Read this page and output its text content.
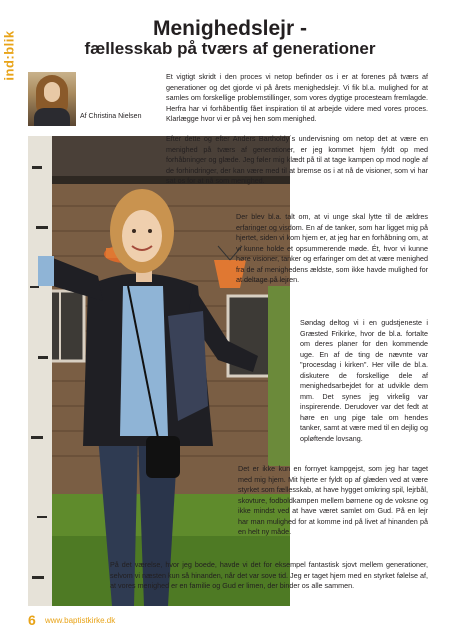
ind:blik
Menighedslejr -
fællesskab på tværs af generationer
Af Christina Nielsen

Et vigtigt skridt i den proces vi netop befinder os i er at forenes på tværs af generationer og det gjorde vi på årets menighedslejr. Vi fik bl.a. mulighed for at samles om forskellige problemstillinger, som vores dygtige procesteam fremlagde. Herfra har vi forhåbentlig fået inspiration til at arbejde videre med vores proces. Klarlægge hvor vi er på vej hen som menighed.

Efter dette og efter Anders Bartholdy´s undervisning om netop det at være en menighed på tværs af generationer, er jeg kommet hjem fyldt op med forhåbninger og glæde. Jeg føler mig klædt på til at tage kampen op mod nogle af de forhindringer, der kan være med til at bremse os i at nå de visioner, som vi har sat os for at nå som menighed.

Der blev bl.a. talt om, at vi unge skal lytte til de ældres erfaringer og visdom. En af de tanker, som har ligget mig på hjertet, siden vi kom hjem er, at jeg har en forhåbning om, at vi kunne holde et opsummerende møde. Ét, hvor vi kunne høre visioner, tanker og erfaringer om det at være menighed fra de af menighedens ældste, som ikke havde mulighed for at deltage på lejren.

Søndag deltog vi i en gudstjeneste i Græsted Frikirke, hvor de bl.a. fortalte om deres planer for den kommende uge. En af de ting de nævnte var "procesdag i kirken". Her ville de bl.a. diskutere de forskellige dele af menighedsarbejdet for at udvikle dem mm. Det synes jeg virkelig var inspirerende. Derudover var det fedt at høre en ung pige tale om hendes tanker, samt at være med til en dejlig og opløftende lovsang.

Det er ikke kun en fornyet kampgejst, som jeg har taget med mig hjem. Mit hjerte er fyldt op af glæden ved at være styrket som fællesskab, at have hygget omkring spil, lejrbål, skovture, fodboldkampen mellem børnene og de voksne og ikke mindst ved at have været samlet om Gud. På en lejr har man mulighed for at komme ind på livet af hinanden på en helt ny måde.

På det værelse, hvor jeg boede, havde vi det for eksempel fantastisk sjovt mellem generationer, selvom vi næsten kun så hinanden, når det var sove tid. Jeg er taget hjem med en styrket følelse af, at vores menighed er en familie og Gud er limen, der binder os alle sammen.

6 www.baptistkirke.dk
